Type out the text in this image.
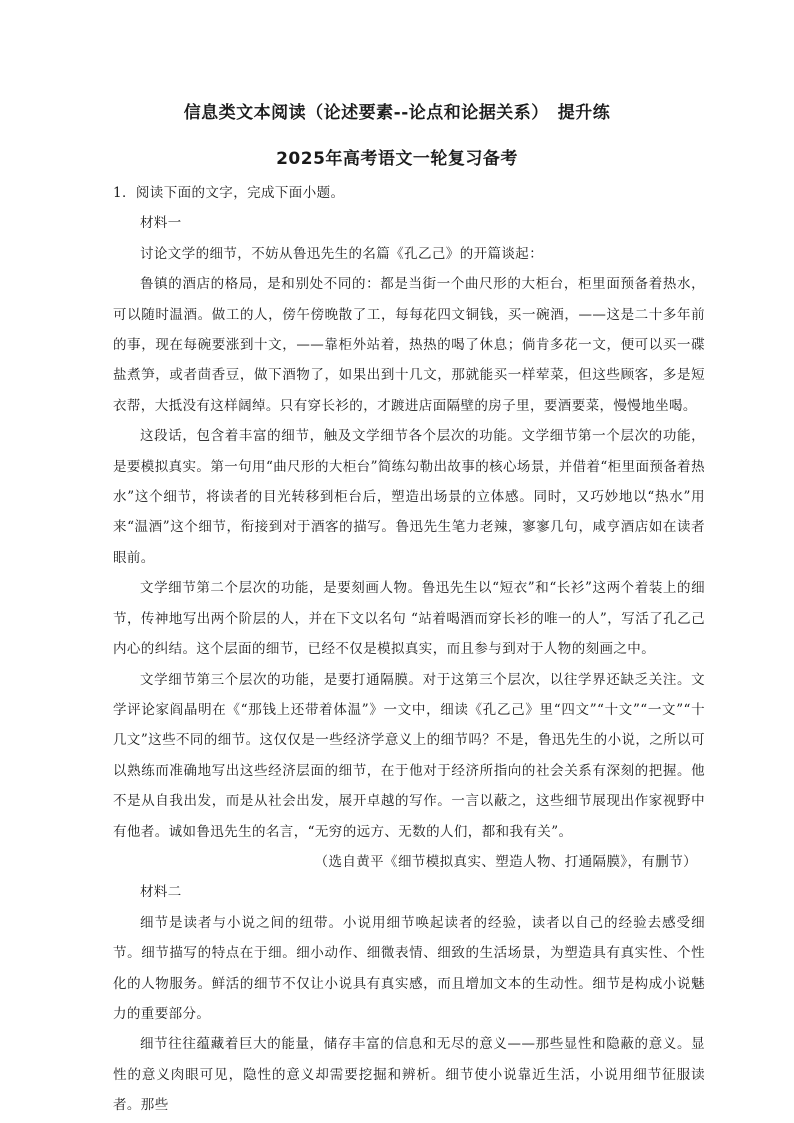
信息类文本阅读（论述要素--论点和论据关系）　提升练
2025年高考语文一轮复习备考

1．阅读下面的文字，完成下面小题。

材料一

讨论文学的细节，不妨从鲁迅先生的名篇《孔乙己》的开篇谈起：

鲁镇的酒店的格局，是和别处不同的：都是当街一个曲尺形的大柜台，柜里面预备着热水，可以随时温酒。做工的人，傍午傍晚散了工，每每花四文铜钱，买一碗酒，——这是二十多年前的事，现在每碗要涨到十文，——靠柜外站着，热热的喝了休息；倘肯多花一文，便可以买一碟盐煮笋，或者茴香豆，做下酒物了，如果出到十几文，那就能买一样荤菜，但这些顾客，多是短衣帮，大抵没有这样阔绰。只有穿长衫的，才踱进店面隔壁的房子里，要酒要菜，慢慢地坐喝。

这段话，包含着丰富的细节，触及文学细节各个层次的功能。文学细节第一个层次的功能，是要模拟真实。第一句用“曲尺形的大柜台”简练勾勒出故事的核心场景，并借着“柜里面预备着热水”这个细节，将读者的目光转移到柜台后，塑造出场景的立体感。同时，又巧妙地以“热水”用来“温酒”这个细节，衔接到对于酒客的描写。鲁迅先生笔力老辣，寥寥几句，咸亨酒店如在读者眼前。

文学细节第二个层次的功能，是要刻画人物。鲁迅先生以“短衣”和“长衫”这两个着装上的细节，传神地写出两个阶层的人，并在下文以名句 “站着喝酒而穿长衫的唯一的人”，写活了孔乙己内心的纠结。这个层面的细节，已经不仅是模拟真实，而且参与到对于人物的刻画之中。

文学细节第三个层次的功能，是要打通隔膜。对于这第三个层次，以往学界还缺乏关注。文学评论家阎晶明在《“那钱上还带着体温”》一文中，细读《孔乙己》里“四文”“十文”“一文”“十几文”这些不同的细节。这仅仅是一些经济学意义上的细节吗？不是，鲁迅先生的小说，之所以可以熟练而准确地写出这些经济层面的细节，在于他对于经济所指向的社会关系有深刻的把握。他不是从自我出发，而是从社会出发，展开卓越的写作。一言以蔽之，这些细节展现出作家视野中有他者。诚如鲁迅先生的名言，“无穷的远方、无数的人们，都和我有关”。

（选自黄平《细节模拟真实、塑造人物、打通隔膜》，有删节）

材料二

细节是读者与小说之间的纽带。小说用细节唤起读者的经验，读者以自己的经验去感受细节。细节描写的特点在于细。细小动作、细微表情、细致的生活场景，为塑造具有真实性、个性化的人物服务。鲜活的细节不仅让小说具有真实感，而且增加文本的生动性。细节是构成小说魅力的重要部分。

细节往往蕴藏着巨大的能量，储存丰富的信息和无尽的意义——那些显性和隐蔽的意义。显性的意义肉眼可见，隐性的意义却需要挖掘和辨析。细节使小说靠近生活，小说用细节征服读者。那些
